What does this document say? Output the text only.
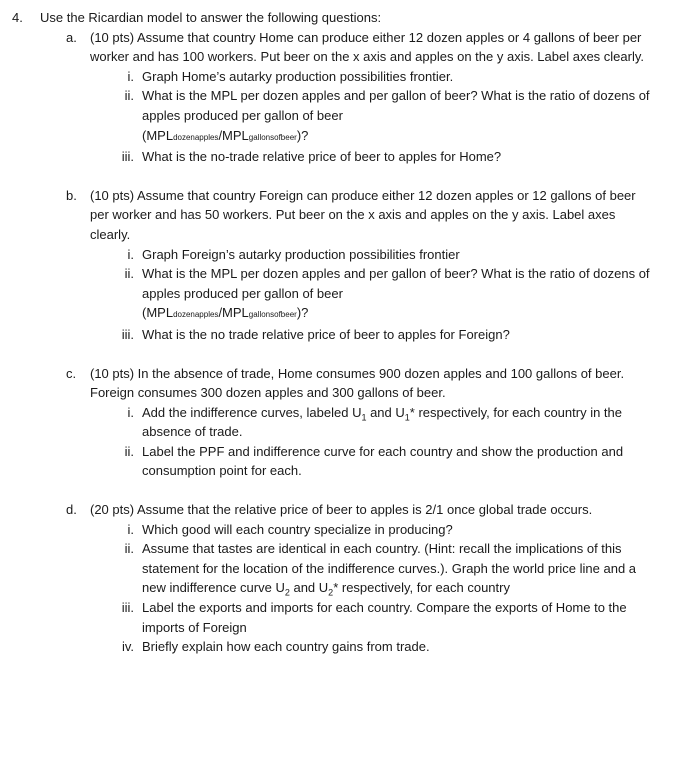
4. Use the Ricardian model to answer the following questions:
a. (10 pts) Assume that country Home can produce either 12 dozen apples or 4 gallons of beer per worker and has 100 workers. Put beer on the x axis and apples on the y axis. Label axes clearly.
i. Graph Home’s autarky production possibilities frontier.
ii. What is the MPL per dozen apples and per gallon of beer? What is the ratio of dozens of apples produced per gallon of beer
(MPLdozenapples/MPLgallonsofbeer)?
iii. What is the no-trade relative price of beer to apples for Home?
b. (10 pts) Assume that country Foreign can produce either 12 dozen apples or 12 gallons of beer per worker and has 50 workers. Put beer on the x axis and apples on the y axis. Label axes clearly.
i. Graph Foreign’s autarky production possibilities frontier
ii. What is the MPL per dozen apples and per gallon of beer? What is the ratio of dozens of apples produced per gallon of beer
(MPLdozenapples/MPLgallonsofbeer)?
iii. What is the no trade relative price of beer to apples for Foreign?
c. (10 pts) In the absence of trade, Home consumes 900 dozen apples and 100 gallons of beer. Foreign consumes 300 dozen apples and 300 gallons of beer.
i. Add the indifference curves, labeled $U_1$ and $U_1*$ respectively, for each country in the absence of trade.
ii. Label the PPF and indifference curve for each country and show the production and consumption point for each.
d. (20 pts) Assume that the relative price of beer to apples is 2/1 once global trade occurs.
i. Which good will each country specialize in producing?
ii. Assume that tastes are identical in each country. (Hint: recall the implications of this statement for the location of the indifference curves.). Graph the world price line and a new indifference curve $U_2$ and $U_2*$ respectively, for each country
iii. Label the exports and imports for each country. Compare the exports of Home to the imports of Foreign
iv. Briefly explain how each country gains from trade.
